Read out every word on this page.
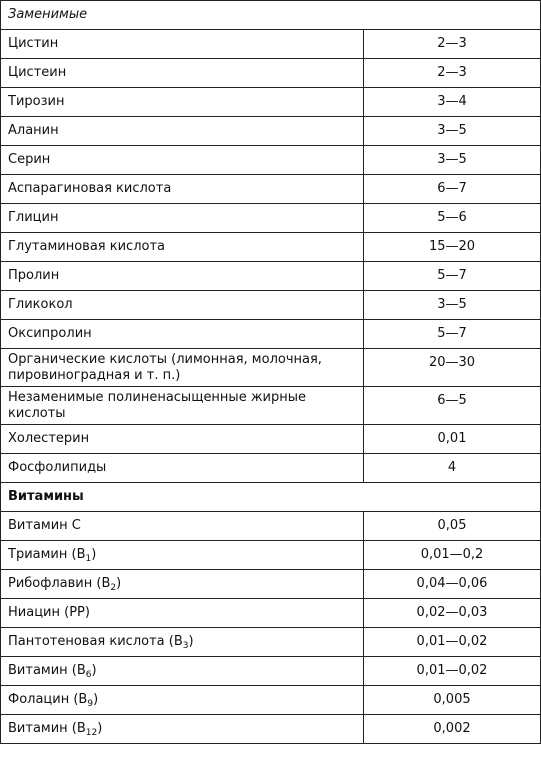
Заменимые	
Цистин	2—3
Цистеин	2—3
Тирозин	3—4
Аланин	3—5
Серин	3—5
Аспарагиновая кислота	6—7
Глицин	5—6
Глутаминовая кислота	15—20
Пролин	5—7
Гликокол	3—5
Оксипролин	5—7
Органические кислоты (лимонная, молочная, пировиноградная и т. п.)	20—30
Незаменимые полиненасыщенные жирные кислоты	6—5
Холестерин	0,01
Фосфолипиды	4
Витамины	
Витамин С	0,05
Триамин $(В_1)$	0,01—0,2
Рибофлавин $(В_2)$	0,04—0,06
Ниацин (РР)	0,02—0,03
Пантотеновая кислота $(В_3)$	0,01—0,02
Витамин $(В_6)$	0,01—0,02
Фолацин $(В_9)$	0,005
Витамин $(В_{12})$	0,002
